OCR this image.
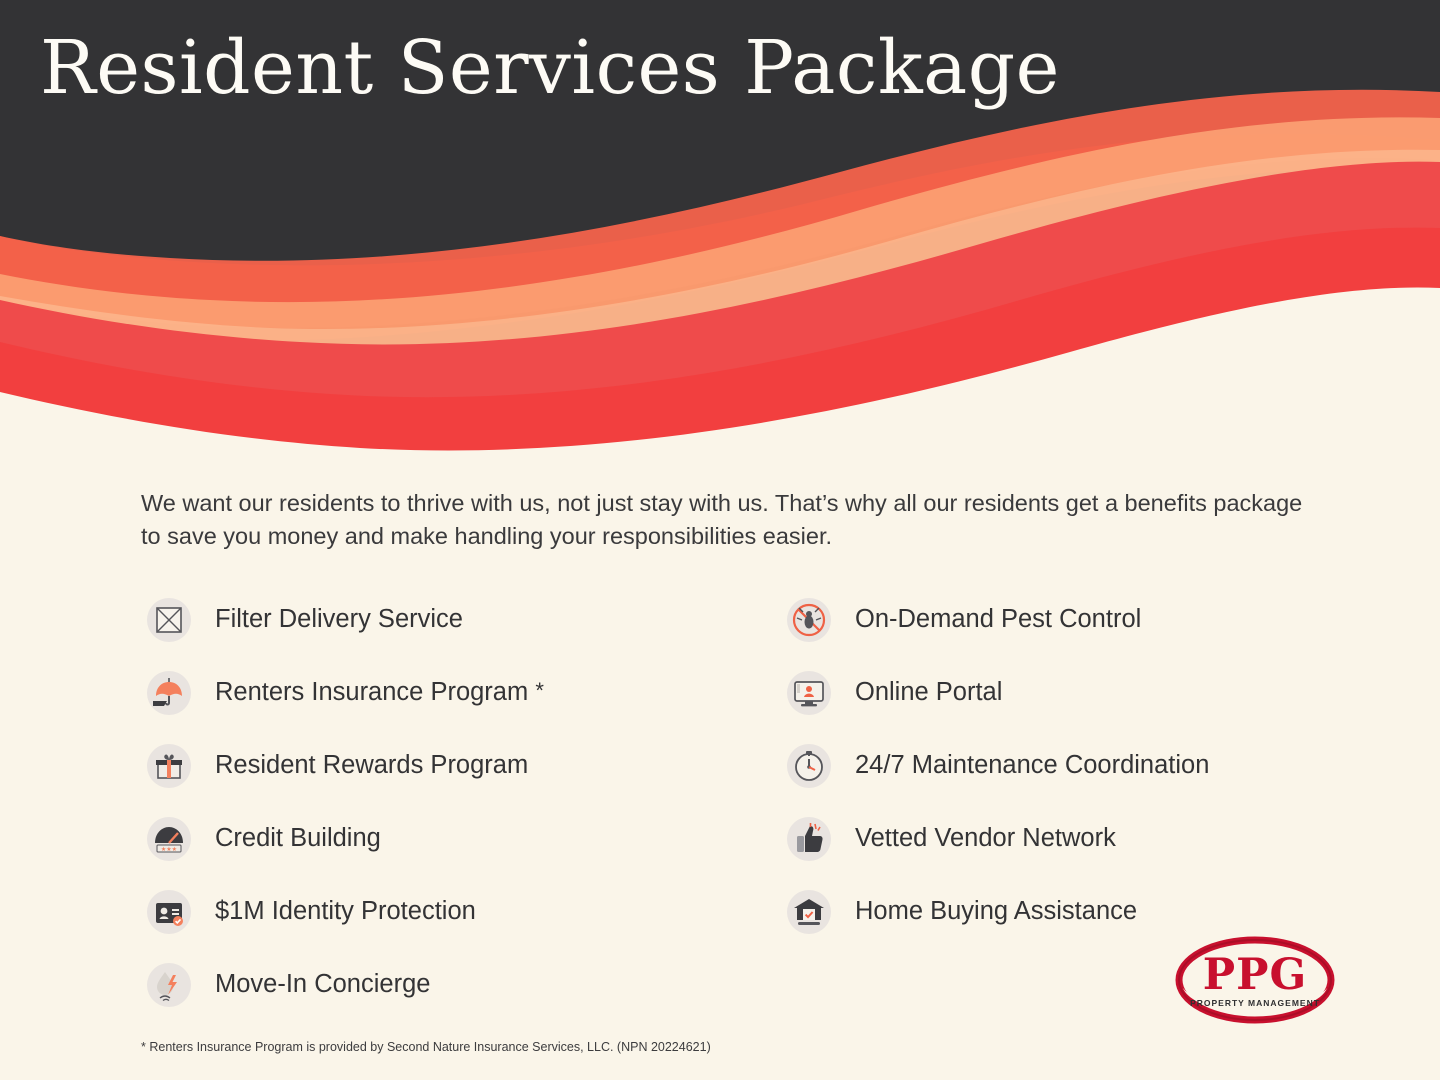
Resident Services Package
We want our residents to thrive with us, not just stay with us. That’s why all our residents get a benefits package to save you money and make handling your responsibilities easier.
Filter Delivery Service
Renters Insurance Program *
Resident Rewards Program
★★★ Credit Building
$1M Identity Protection
Move-In Concierge
On-Demand Pest Control
Online Portal
24/7 Maintenance Coordination
Vetted Vendor Network
Home Buying Assistance
* Renters Insurance Program is provided by Second Nature Insurance Services, LLC. (NPN 20224621)
PPG
PROPERTY MANAGEMENT
